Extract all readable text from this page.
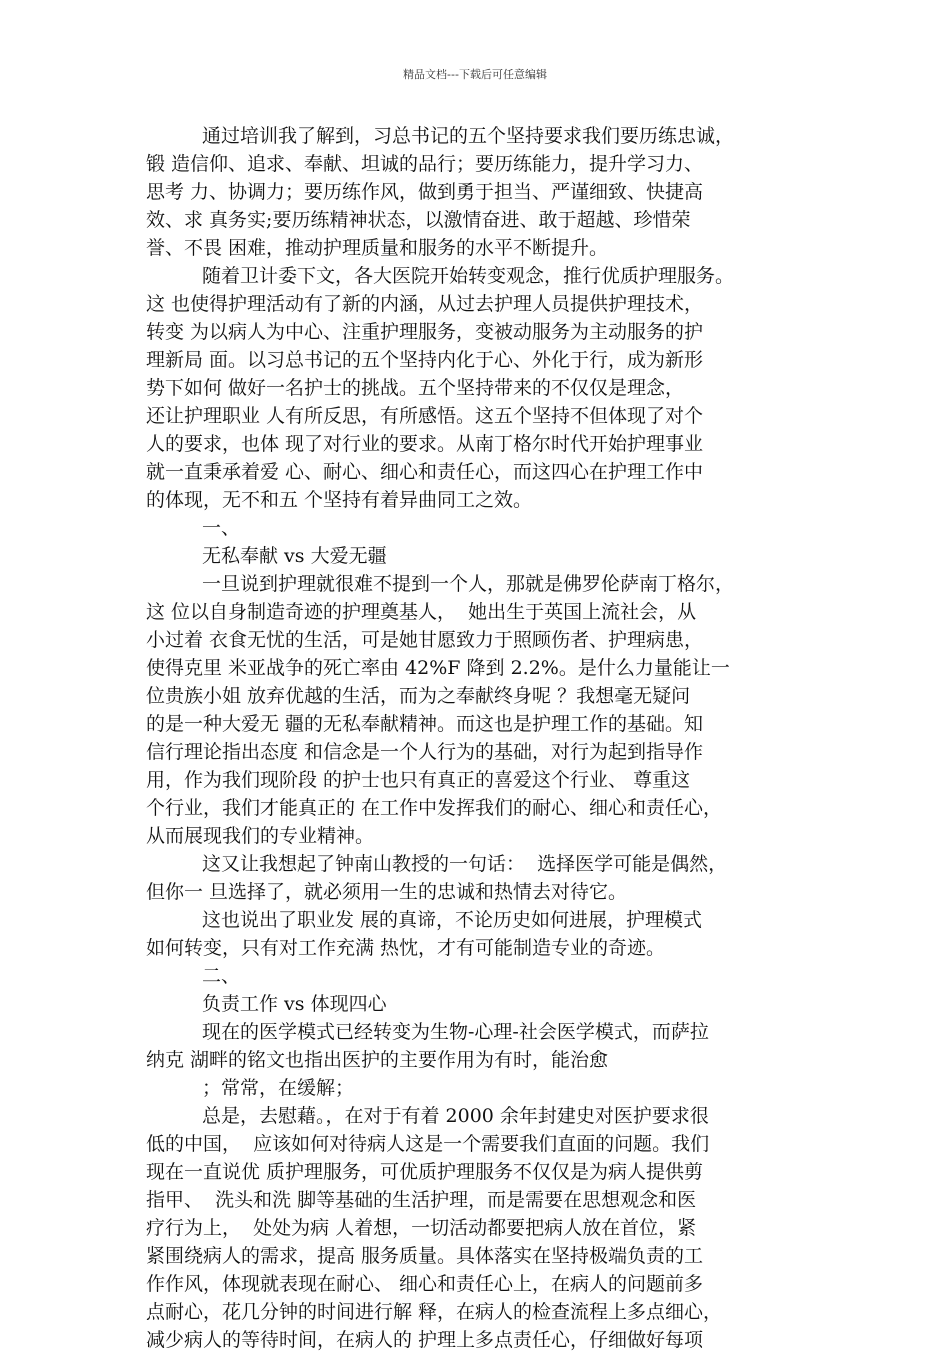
精品文档---下载后可任意编辑
通过培训我了解到，习总书记的五个坚持要求我们要历练忠诚，
锻 造信仰、追求、奉献、坦诚的品行；要历练能力，提升学习力、
思考 力、协调力；要历练作风，做到勇于担当、严谨细致、快捷高
效、求 真务实;要历练精神状态，以激情奋进、敢于超越、珍惜荣
誉、不畏 困难，推动护理质量和服务的水平不断提升。
随着卫计委下文，各大医院开始转变观念，推行优质护理服务。
这 也使得护理活动有了新的内涵，从过去护理人员提供护理技术，
转变 为以病人为中心、注重护理服务，变被动服务为主动服务的护
理新局 面。以习总书记的五个坚持内化于心、外化于行，成为新形
势下如何 做好一名护士的挑战。五个坚持带来的不仅仅是理念，
还让护理职业 人有所反思，有所感悟。这五个坚持不但体现了对个
人的要求，也体 现了对行业的要求。从南丁格尔时代开始护理事业
就一直秉承着爱 心、耐心、细心和责任心，而这四心在护理工作中
的体现，无不和五 个坚持有着异曲同工之效。
一、
无私奉献 vs 大爱无疆
一旦说到护理就很难不提到一个人，那就是佛罗伦萨南丁格尔，
这 位以自身制造奇迹的护理奠基人，  她出生于英国上流社会，从
小过着 衣食无忧的生活，可是她甘愿致力于照顾伤者、护理病患，
使得克里 米亚战争的死亡率由 42%F 降到 2.2%。是什么力量能让一
位贵族小姐 放弃优越的生活，而为之奉献终身呢 ？我想毫无疑问
的是一种大爱无 疆的无私奉献精神。而这也是护理工作的基础。知
信行理论指出态度 和信念是一个人行为的基础，对行为起到指导作
用，作为我们现阶段 的护士也只有真正的喜爱这个行业、 尊重这
个行业，我们才能真正的 在工作中发挥我们的耐心、细心和责任心，
从而展现我们的专业精神。
这又让我想起了钟南山教授的一句话：  选择医学可能是偶然，
但你一 旦选择了，就必须用一生的忠诚和热情去对待它。
这也说出了职业发 展的真谛，不论历史如何进展，护理模式
如何转变，只有对工作充满 热忱，才有可能制造专业的奇迹。
二、
负责工作 vs 体现四心
现在的医学模式已经转变为生物-心理-社会医学模式，而萨拉
纳克 湖畔的铭文也指出医护的主要作用为有时，能治愈
；常常，在缓解；
总是，去慰藉。，在对于有着 2000 余年封建史对医护要求很
低的中国，  应该如何对待病人这是一个需要我们直面的问题。我们
现在一直说优 质护理服务，可优质护理服务不仅仅是为病人提供剪
指甲、  洗头和洗 脚等基础的生活护理，而是需要在思想观念和医
疗行为上，  处处为病 人着想，一切活动都要把病人放在首位，紧
紧围绕病人的需求，提高 服务质量。具体落实在坚持极端负责的工
作作风，体现就表现在耐心、 细心和责任心上，在病人的问题前多
点耐心，花几分钟的时间进行解 释，在病人的检查流程上多点细心，
减少病人的等待时间，在病人的 护理上多点责任心，仔细做好每项
